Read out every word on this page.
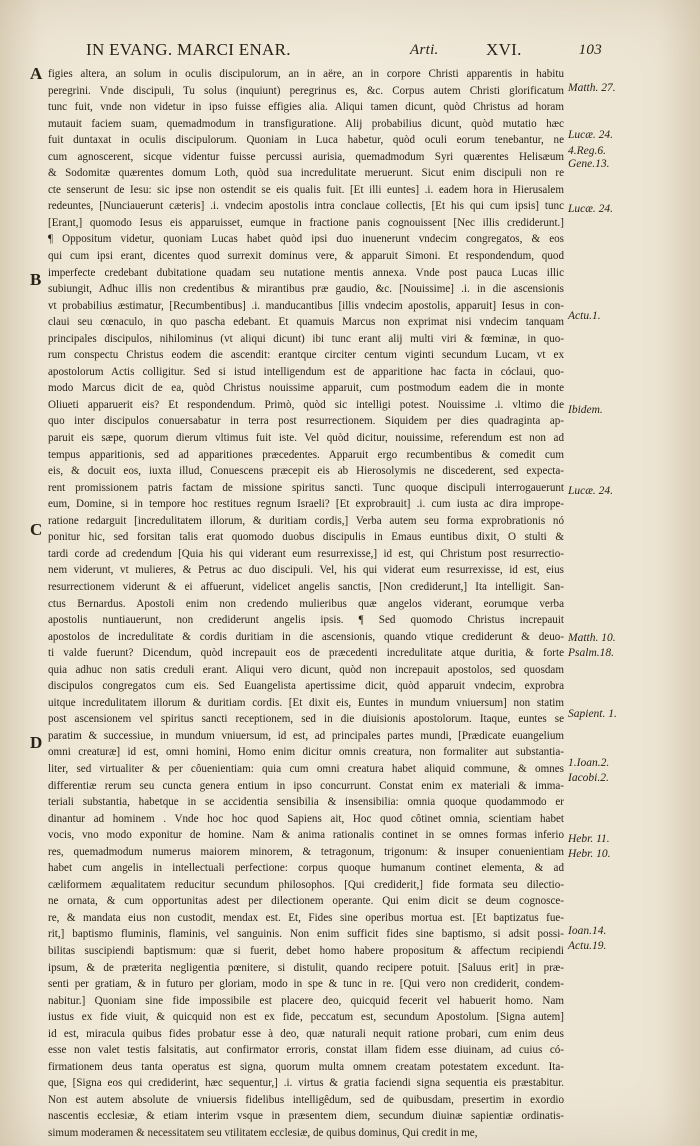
IN EVANG. MARCI ENAR.	Arti.	XVI.	103
A
B
C
D
figies altera, an solum in oculis discipulorum, an in aëre, an in corpore Christi apparentis in habitu
peregrini. Vnde discipuli, Tu solus (inquiunt) peregrinus es, &c. Corpus autem Christi glorificatum
tunc fuit, vnde non videtur in ipso fuisse effigies alia. Aliqui tamen dicunt, quòd Christus ad horam
mutauit faciem suam, quemadmodum in transfiguratione. Alij probabilius dicunt, quòd mutatio hæc
fuit duntaxat in oculis discipulorum. Quoniam in Luca habetur, quòd oculi eorum tenebantur, ne
cum agnoscerent, sicque videntur fuisse percussi aurisia, quemadmodum Syri quærentes Helisæum
& Sodomitæ quærentes domum Loth, quòd sua incredulitate meruerunt. Sicut enim discipuli non re
cte senserunt de Iesu: sic ipse non ostendit se eis qualis fuit. [Et illi euntes] .i. eadem hora in Hierusalem
redeuntes, [Nunciauerunt cæteris] .i. vndecim apostolis intra conclaue collectis, [Et his qui cum ipsis] tunc
[Erant,] quomodo Iesus eis apparuisset, eumque in fractione panis cognouissent [Nec illis crediderunt.]
¶ Oppositum videtur, quoniam Lucas habet quòd ipsi duo inuenerunt vndecim congregatos, & eos
qui cum ipsi erant, dicentes quod surrexit dominus vere, & apparuit Simoni. Et respondendum, quod
imperfecte credebant dubitatione quadam seu nutatione mentis annexa. Vnde post pauca Lucas illic
subiungit, Adhuc illis non credentibus & mirantibus præ gaudio, &c. [Nouissime] .i. in die ascensionis
vt probabilius æstimatur, [Recumbentibus] .i. manducantibus [illis vndecim apostolis, apparuit] Iesus in con-
claui seu cœnaculo, in quo pascha edebant. Et quamuis Marcus non exprimat nisi vndecim tanquam
principales discipulos, nihilominus (vt aliqui dicunt) ibi tunc erant alij multi viri & fœminæ, in quo-
rum conspectu Christus eodem die ascendit: erantque circiter centum viginti secundum Lucam, vt ex
apostolorum Actis colligitur. Sed si istud intelligendum est de apparitione hac facta in cóclaui, quo-
modo Marcus dicit de ea, quòd Christus nouissime apparuit, cum postmodum eadem die in monte
Oliueti apparuerit eis? Et respondendum. Primò, quòd sic intelligi potest. Nouissime .i. vltimo die
quo inter discipulos conuersabatur in terra post resurrectionem. Siquidem per dies quadraginta ap-
paruit eis sæpe, quorum dierum vltimus fuit iste. Vel quòd dicitur, nouissime, referendum est non ad
tempus apparitionis, sed ad apparitiones præcedentes. Apparuit ergo recumbentibus & comedit cum
eis, & docuit eos, iuxta illud, Conuescens præcepit eis ab Hierosolymis ne discederent, sed expecta-
rent promissionem patris factam de missione spiritus sancti. Tunc quoque discipuli interrogauerunt
eum, Domine, si in tempore hoc restitues regnum Israeli? [Et exprobrauit] .i. cum iusta ac dira imprope-
ratione redarguit [incredulitatem illorum, & duritiam cordis,] Verba autem seu forma exprobrationis nó
ponitur hic, sed forsitan talis erat quomodo duobus discipulis in Emaus euntibus dixit, O stulti &
tardi corde ad credendum [Quia his qui viderant eum resurrexisse,] id est, qui Christum post resurrectio-
nem viderunt, vt mulieres, & Petrus ac duo discipuli. Vel, his qui viderat eum resurrexisse, id est, eius
resurrectionem viderunt & ei affuerunt, videlicet angelis sanctis, [Non crediderunt,] Ita intelligit. San-
ctus Bernardus. Apostoli enim non credendo mulieribus quæ angelos viderant, eorumque verba
apostolis nuntiauerunt, non crediderunt angelis ipsis. ¶ Sed quomodo Christus increpauit
apostolos de incredulitate & cordis duritiam in die ascensionis, quando vtique crediderunt & deuo-
ti valde fuerunt? Dicendum, quòd increpauit eos de præcedenti incredulitate atque duritia, & forte
quia adhuc non satis creduli erant. Aliqui vero dicunt, quòd non increpauit apostolos, sed quosdam
discipulos congregatos cum eis. Sed Euangelista apertissime dicit, quòd apparuit vndecim, exprobra
uitque incredulitatem illorum & duritiam cordis. [Et dixit eis, Euntes in mundum vniuersum] non statim
post ascensionem vel spiritus sancti receptionem, sed in die diuisionis apostolorum. Itaque, euntes se
paratim & successiue, in mundum vniuersum, id est, ad principales partes mundi, [Prædicate euangelium
omni creaturæ] id est, omni homini, Homo enim dicitur omnis creatura, non formaliter aut substantia-
liter, sed virtualiter & per côuenientiam: quia cum omni creatura habet aliquid commune, & omnes
differentiæ rerum seu cuncta genera entium in ipso concurrunt. Constat enim ex materiali & imma-
teriali substantia, habetque in se accidentia sensibilia & insensibilia: omnia quoque quodammodo er
dinantur ad hominem . Vnde hoc hoc quod Sapiens ait, Hoc quod côtinet omnia, scientiam habet
vocis, vno modo exponitur de homine. Nam & anima rationalis continet in se omnes formas inferio
res, quemadmodum numerus maiorem minorem, & tetragonum, trigonum: & insuper conuenientiam
habet cum angelis in intellectuali perfectione: corpus quoque humanum continet elementa, & ad
cæliformem æqualitatem reducitur secundum philosophos. [Qui crediderit,] fide formata seu dilectio-
ne ornata, & cum opportunitas adest per dilectionem operante. Qui enim dicit se deum cognosce-
re, & mandata eius non custodit, mendax est. Et, Fides sine operibus mortua est. [Et baptizatus fue-
rit,] baptismo fluminis, flaminis, vel sanguinis. Non enim sufficit fides sine baptismo, si adsit possi-
bilitas suscipiendi baptismum: quæ si fuerit, debet homo habere propositum & affectum recipiendi
ipsum, & de præterita negligentia pœnitere, si distulit, quando recipere potuit. [Saluus erit] in præ-
senti per gratiam, & in futuro per gloriam, modo in spe & tunc in re. [Qui vero non crediderit, condem-
nabitur.] Quoniam sine fide impossibile est placere deo, quicquid fecerit vel habuerit homo. Nam
iustus ex fide viuit, & quicquid non est ex fide, peccatum est, secundum Apostolum. [Signa autem]
id est, miracula quibus fides probatur esse à deo, quæ naturali nequit ratione probari, cum enim deus
esse non valet testis falsitatis, aut confirmator erroris, constat illam fidem esse diuinam, ad cuius có-
firmationem deus tanta operatus est signa, quorum multa omnem creatam potestatem excedunt. Ita-
que, [Signa eos qui crediderint, hæc sequentur,] .i. virtus & gratia faciendi signa sequentia eis præstabitur.
Non est autem absolute de vniuersis fidelibus intelligêdum, sed de quibusdam, presertim in exordio
nascentis ecclesiæ, & etiam interim vsque in præsentem diem, secundum diuinæ sapientiæ ordinatis-
simum moderamen & necessitatem seu vtilitatem ecclesiæ, de quibus dominus, Qui credit in me,
Matth. 27.
Lucæ. 24.
4.Reg.6.
Gene.13.
Lucæ. 24.
Actu.1.
Ibidem.
Lucæ. 24.
Matth. 10.
Psalm.18.
Sapient. 1.
1.Ioan.2.
Iacobi.2.
Hebr. 11.
Hebr. 10.
Ioan.14.
Actu.19.
